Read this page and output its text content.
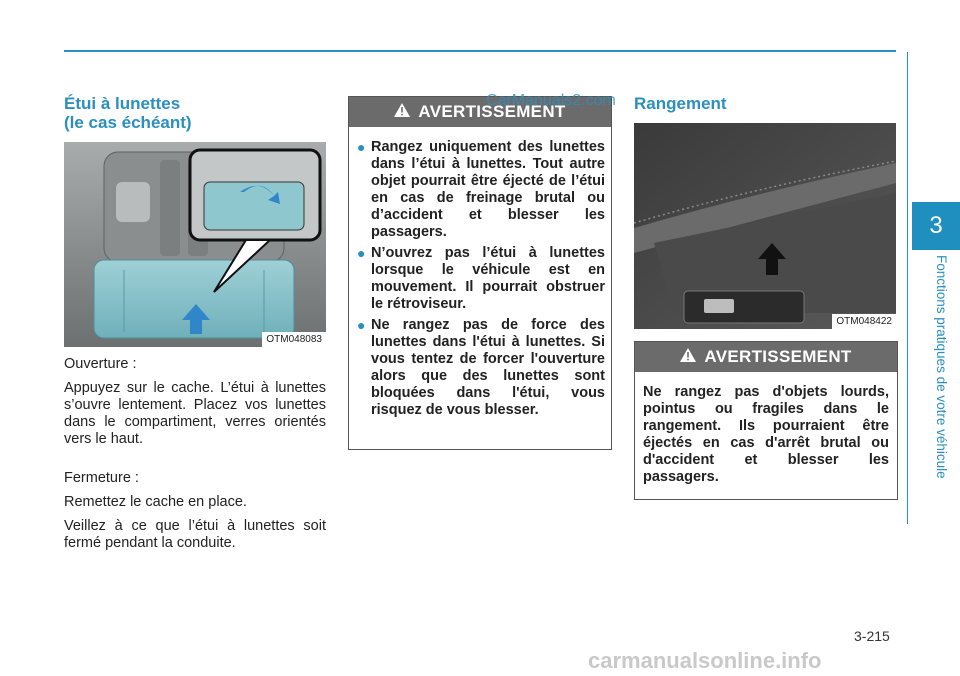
3
Fonctions pratiques de votre véhicule
Étui à lunettes
(le cas échéant)
OTM048083

Ouverture :

Appuyez sur le cache. L’étui à lunettes s’ouvre lentement. Placez vos lunettes dans le compartiment, verres orientés vers le haut.

Fermeture :

Remettez le cache en place.

Veillez à ce que l’étui à lunettes soit fermé pendant la conduite.

AVERTISSEMENT
● Rangez uniquement des lunettes dans l’étui à lunettes. Tout autre objet pourrait être éjecté de l’étui en cas de freinage brutal ou d’accident et blesser les passagers.
● N’ouvrez pas l’étui à lunettes lorsque le véhicule est en mouvement. Il pourrait obstruer le rétroviseur.
● Ne rangez pas de force des lunettes dans l'étui à lunettes. Si vous tentez de forcer l'ouverture alors que des lunettes sont bloquées dans l'étui, vous risquez de vous blesser.
CarManuals2.com Rangement
OTM048422
AVERTISSEMENT
Ne rangez pas d'objets lourds, pointus ou fragiles dans le rangement. Ils pourraient être éjectés en cas d'arrêt brutal ou d'accident et blesser les passagers.
3-215
carmanualsonline.info
